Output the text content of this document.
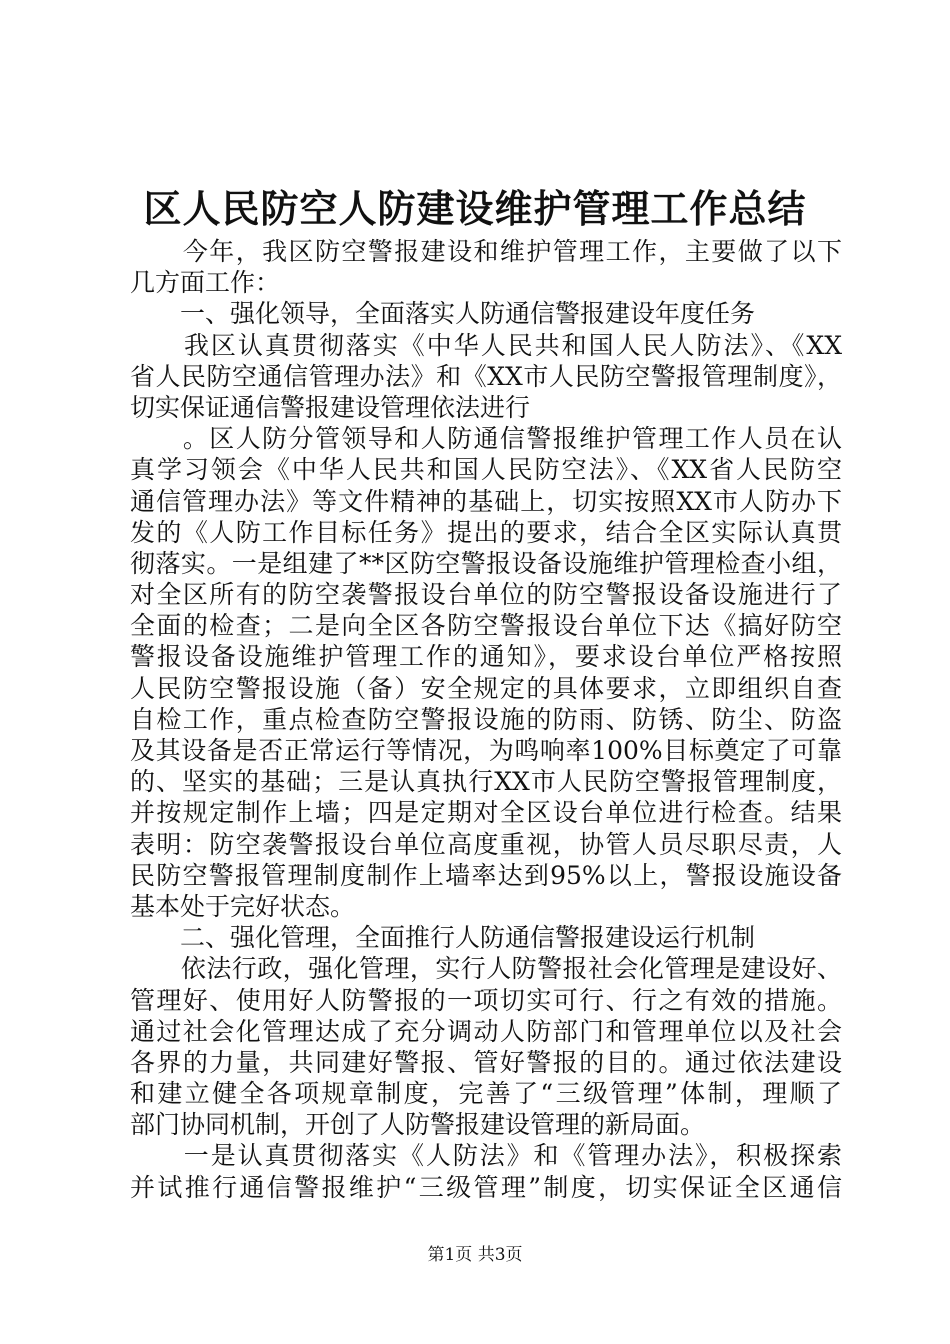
区人民防空人防建设维护管理工作总结

　　今年，我区防空警报建设和维护管理工作，主要做了以下

几方面工作：

　　一、强化领导，全面落实人防通信警报建设年度任务

　　我区认真贯彻落实《中华人民共和国人民人防法》、《XX

省人民防空通信管理办法》和《XX市人民防空警报管理制度》，

切实保证通信警报建设管理依法进行

　　。区人防分管领导和人防通信警报维护管理工作人员在认

真学习领会《中华人民共和国人民防空法》、《XX省人民防空

通信管理办法》等文件精神的基础上，切实按照XX市人防办下

发的《人防工作目标任务》提出的要求，结合全区实际认真贯

彻落实。一是组建了**区防空警报设备设施维护管理检查小组，

对全区所有的防空袭警报设台单位的防空警报设备设施进行了

全面的检查；二是向全区各防空警报设台单位下达《搞好防空

警报设备设施维护管理工作的通知》，要求设台单位严格按照

人民防空警报设施（备）安全规定的具体要求，立即组织自查

自检工作，重点检查防空警报设施的防雨、防锈、防尘、防盗

及其设备是否正常运行等情况，为鸣响率100%目标奠定了可靠

的、坚实的基础；三是认真执行XX市人民防空警报管理制度，

并按规定制作上墙；四是定期对全区设台单位进行检查。结果

表明：防空袭警报设台单位高度重视，协管人员尽职尽责，人

民防空警报管理制度制作上墙率达到95%以上，警报设施设备

基本处于完好状态。

　　二、强化管理，全面推行人防通信警报建设运行机制

　　依法行政，强化管理，实行人防警报社会化管理是建设好、

管理好、使用好人防警报的一项切实可行、行之有效的措施。

通过社会化管理达成了充分调动人防部门和管理单位以及社会

各界的力量，共同建好警报、管好警报的目的。通过依法建设

和建立健全各项规章制度，完善了“三级管理”体制，理顺了

部门协同机制，开创了人防警报建设管理的新局面。

　　一是认真贯彻落实《人防法》和《管理办法》，积极探索

并试推行通信警报维护“三级管理”制度，切实保证全区通信

第1页 共3页
